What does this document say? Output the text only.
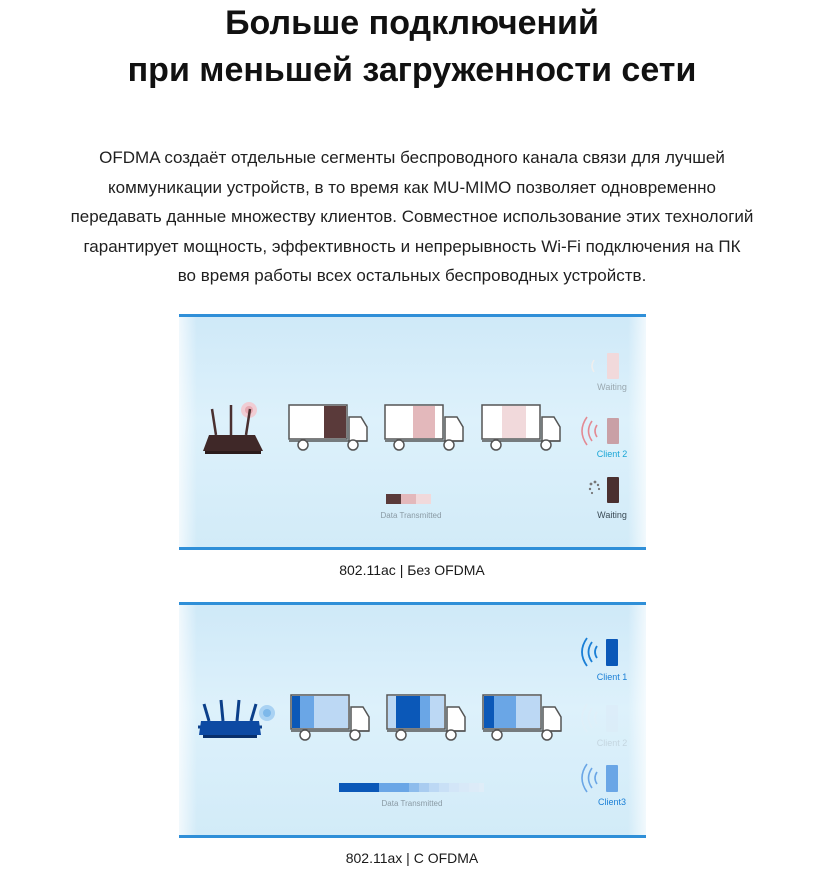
Больше подключений
при меньшей загруженности сети
OFDMA создаёт отдельные сегменты беспроводного канала связи для лучшей
коммуникации устройств, в то время как MU-MIMO позволяет одновременно
передавать данные множеству клиентов. Совместное использование этих технологий
гарантирует мощность, эффективность и непрерывность Wi-Fi подключения на ПК
во время работы всех остальных беспроводных устройств.
Data Transmitted
Waiting
Client 2
Waiting
802.11ac | Без OFDMA
Data Transmitted
Client 1
Client 2
Client3
802.11ax | C OFDMA
